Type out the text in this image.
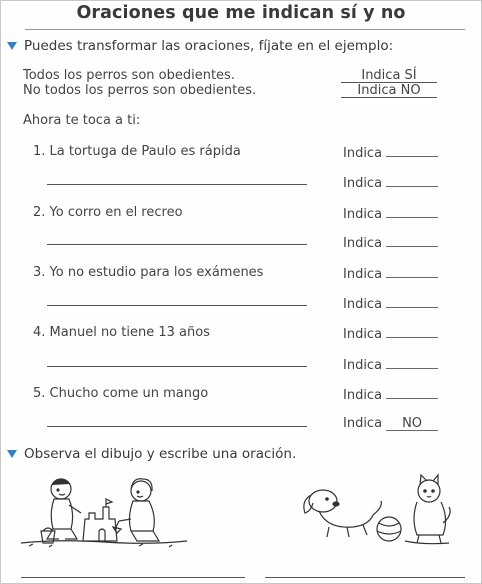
Oraciones que me indican sí y no
Puedes transformar las oraciones, fíjate en el ejemplo:
Todos los perros son obedientes.	Indica SÍ
No todos los perros son obedientes.	Indica NO
Ahora te toca a ti:
1. La tortuga de Paulo es rápida	Indica
Indica
2. Yo corro en el recreo	Indica
Indica
3. Yo no estudio para los exámenes	Indica
Indica
4. Manuel no tiene 13 años	Indica
Indica
5. Chucho come un mango	Indica
Indica	NO
Observa el dibujo y escribe una oración.
